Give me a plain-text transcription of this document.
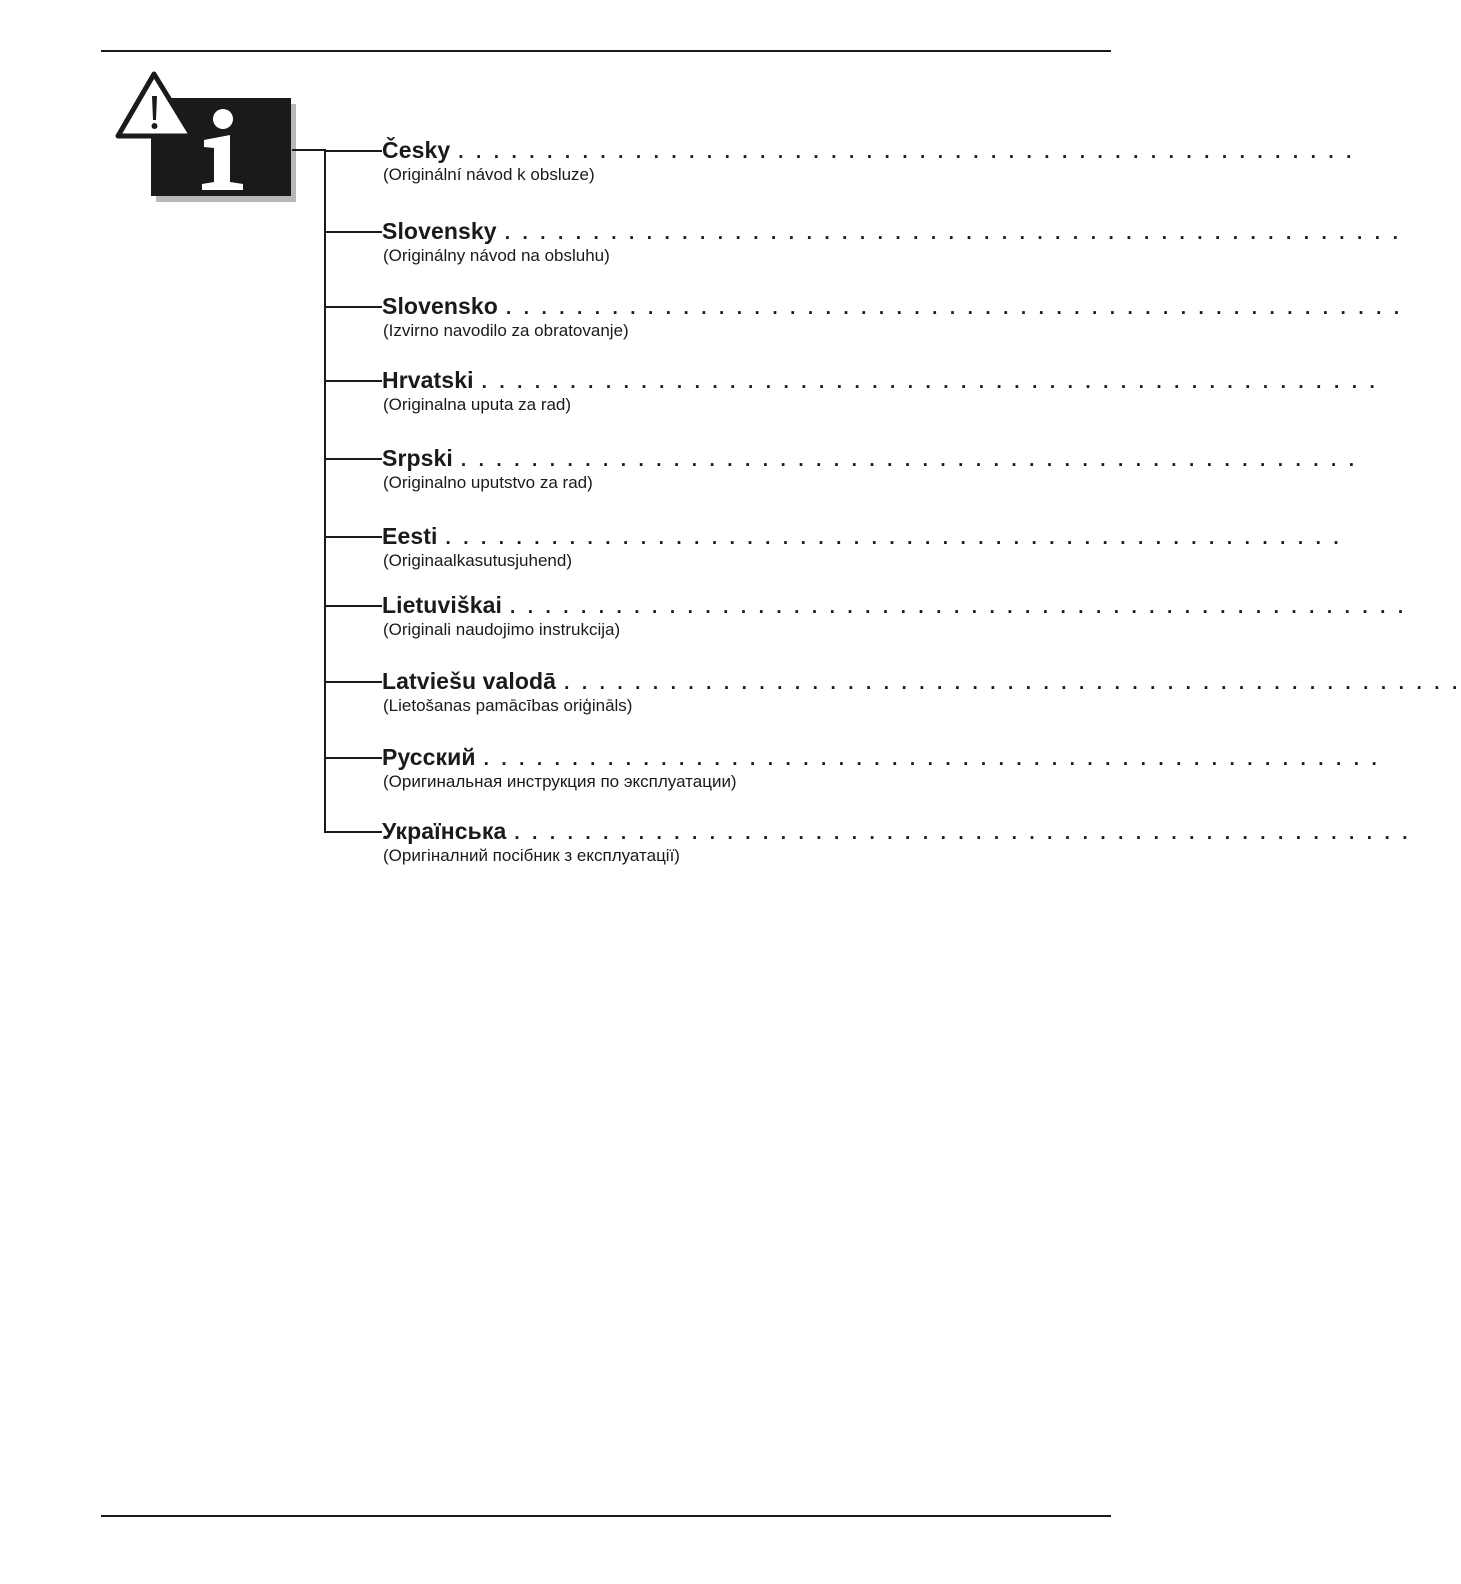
Česky . . . . . . . . . . . . . . . . . . . . . . . . . . . . . . . . . . . . . . . . . . . . . . . . . . .
(Originální návod k obsluze)
Slovensky . . . . . . . . . . . . . . . . . . . . . . . . . . . . . . . . . . . . . . . . . . . . . . . . . . .
(Originálny návod na obsluhu)
Slovensko . . . . . . . . . . . . . . . . . . . . . . . . . . . . . . . . . . . . . . . . . . . . . . . . . . .
(Izvirno navodilo za obratovanje)
Hrvatski . . . . . . . . . . . . . . . . . . . . . . . . . . . . . . . . . . . . . . . . . . . . . . . . . . .
(Originalna uputa za rad)
Srpski . . . . . . . . . . . . . . . . . . . . . . . . . . . . . . . . . . . . . . . . . . . . . . . . . . .
(Originalno uputstvo za rad)
Eesti . . . . . . . . . . . . . . . . . . . . . . . . . . . . . . . . . . . . . . . . . . . . . . . . . . .
(Originaalkasutusjuhend)
Lietuviškai . . . . . . . . . . . . . . . . . . . . . . . . . . . . . . . . . . . . . . . . . . . . . . . . . . .
(Originali naudojimo instrukcija)
Latviešu valodā . . . . . . . . . . . . . . . . . . . . . . . . . . . . . . . . . . . . . . . . . . . . . . . . . . .
(Lietošanas pamācības oriģināls)
Русский . . . . . . . . . . . . . . . . . . . . . . . . . . . . . . . . . . . . . . . . . . . . . . . . . . .
(Оригинальная инструкция по эксплуатации)
Українська . . . . . . . . . . . . . . . . . . . . . . . . . . . . . . . . . . . . . . . . . . . . . . . . . . .
(Оригіналний посібник з експлуатації)
